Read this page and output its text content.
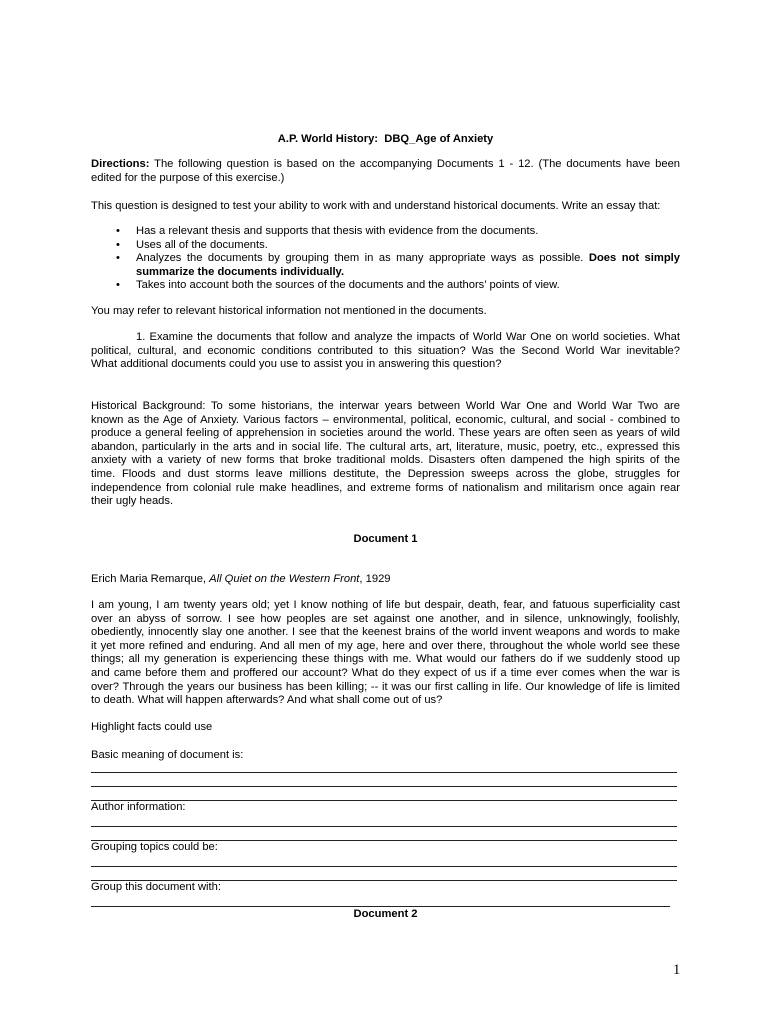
A.P. World History:  DBQ_Age of Anxiety
Directions: The following question is based on the accompanying Documents 1 - 12. (The documents have been
edited for the purpose of this exercise.)
This question is designed to test your ability to work with and understand historical documents. Write an essay that:
• Has a relevant thesis and supports that thesis with evidence from the documents.
• Uses all of the documents.
• Analyzes the documents by grouping them in as many appropriate ways as possible. Does not simply
summarize the documents individually.
• Takes into account both the sources of the documents and the authors’ points of view.
You may refer to relevant historical information not mentioned in the documents.
1. Examine the documents that follow and analyze the impacts of World War One on world societies. What
political, cultural, and economic conditions contributed to this situation? Was the Second World War inevitable?
What additional documents could you use to assist you in answering this question?
Historical Background: To some historians, the interwar years between World War One and World War Two are
known as the Age of Anxiety. Various factors – environmental, political, economic, cultural, and social - combined to
produce a general feeling of apprehension in societies around the world. These years are often seen as years of wild
abandon, particularly in the arts and in social life. The cultural arts, art, literature, music, poetry, etc., expressed this
anxiety with a variety of new forms that broke traditional molds. Disasters often dampened the high spirits of the
time. Floods and dust storms leave millions destitute, the Depression sweeps across the globe, struggles for
independence from colonial rule make headlines, and extreme forms of nationalism and militarism once again rear
their ugly heads.
Document 1
Erich Maria Remarque, All Quiet on the Western Front, 1929
I am young, I am twenty years old; yet I know nothing of life but despair, death, fear, and fatuous superficiality cast
over an abyss of sorrow. I see how peoples are set against one another, and in silence, unknowingly, foolishly,
obediently, innocently slay one another. I see that the keenest brains of the world invent weapons and words to make
it yet more refined and enduring. And all men of my age, here and over there, throughout the whole world see these
things; all my generation is experiencing these things with me. What would our fathers do if we suddenly stood up
and came before them and proffered our account? What do they expect of us if a time ever comes when the war is
over? Through the years our business has been killing; -- it was our first calling in life. Our knowledge of life is limited
to death. What will happen afterwards? And what shall come out of us?
Highlight facts could use
Basic meaning of document is:
Author information:
Grouping topics could be:
Group this document with:
Document 2
1
